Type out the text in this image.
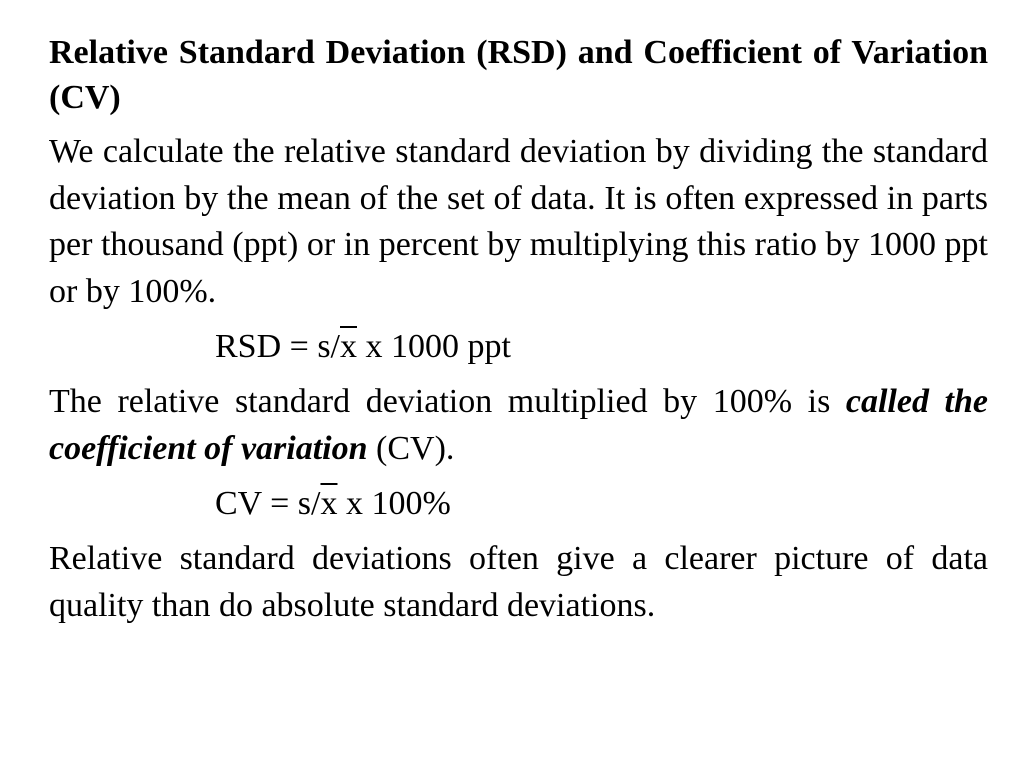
Relative Standard Deviation (RSD) and Coefficient of Variation (CV)
We calculate the relative standard deviation by dividing the standard deviation by the mean of the set of data. It is often expressed in parts per thousand (ppt) or in percent by multiplying this ratio by 1000 ppt or by 100%.
RSD = $s/\overline{x}$ x 1000 ppt
The relative standard deviation multiplied by 100% is called the coefficient of variation (CV).
CV = $s/\overline{x}$ x 100%
Relative standard deviations often give a clearer picture of data quality than do absolute standard deviations.
